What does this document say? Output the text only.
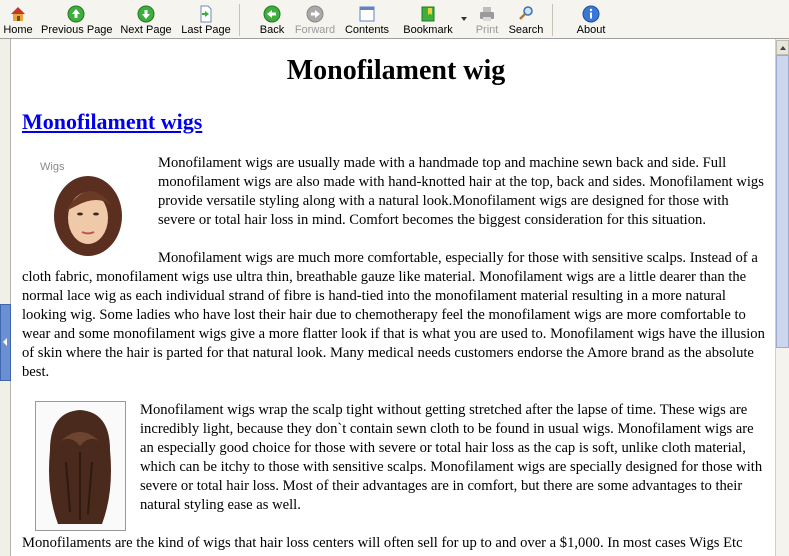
Home Previous Page Next Page Last Page	Back Forward Contents Bookmark Print Search	About
Monofilament wig
Monofilament wigs

Wigs	Monofilament wigs are usually made with a handmade top and machine sewn back and side. Full monofilament wigs are also made with hand-knotted hair at the top, back and sides. Monofilament wigs provide versatile styling along with a natural look.Monofilament wigs are designed for those with severe or total hair loss in mind. Comfort becomes the biggest consideration for this situation.

Monofilament wigs are much more comfortable, especially for those with sensitive scalps. Instead of a cloth fabric, monofilament wigs use ultra thin, breathable gauze like material. Monofilament wigs are a little dearer than the normal lace wig as each individual strand of fibre is hand-tied into the monofilament material resulting in a more natural looking wig. Some ladies who have lost their hair due to chemotherapy feel the monofilament wigs are more comfortable to wear and some monofilament wigs give a more flatter look if that is what you are used to. Monofilament wigs have the illusion of skin where the hair is parted for that natural look. Many medical needs customers endorse the Amore brand as the absolute best.

Monofilament wigs wrap the scalp tight without getting stretched after the lapse of time. These wigs are incredibly light, because they don`t contain sewn cloth to be found in usual wigs. Monofilament wigs are an especially good choice for those with severe or total hair loss as the cap is soft, unlike cloth material, which can be itchy to those with sensitive scalps. Monofilament wigs are specially designed for those with severe or total hair loss. Most of their advantages are in comfort, but there are some advantages to their natural styling ease as well.

Monofilaments are the kind of wigs that hair loss centers will often sell for up to and over a $1,000. In most cases Wigs Etc
